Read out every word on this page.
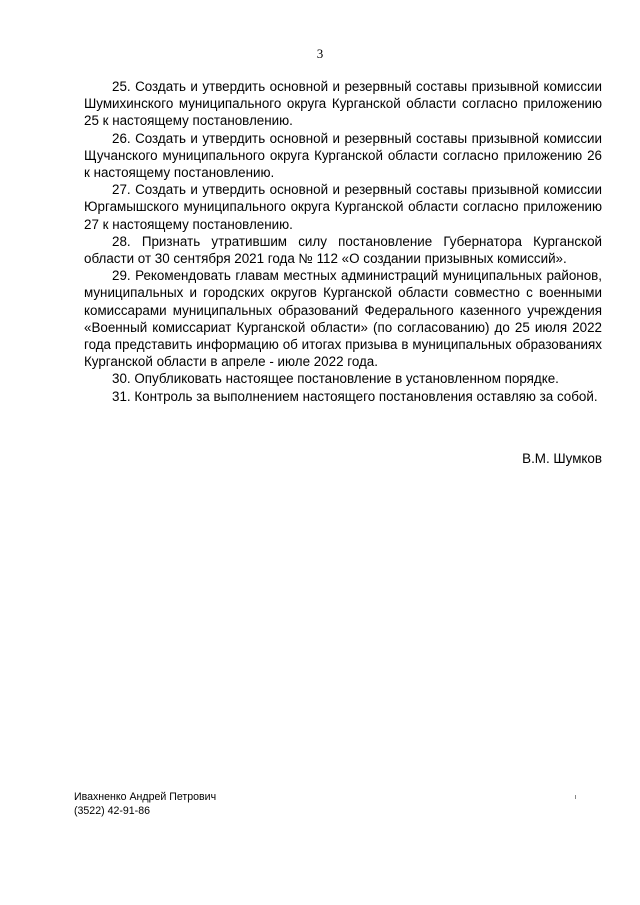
3

25. Создать и утвердить основной и резервный составы призывной комиссии Шумихинского муниципального округа Курганской области согласно приложению 25 к настоящему постановлению.

26. Создать и утвердить основной и резервный составы призывной комиссии Щучанского муниципального округа Курганской области согласно приложению 26 к настоящему постановлению.

27. Создать и утвердить основной и резервный составы призывной комиссии Юргамышского муниципального округа Курганской области согласно приложению 27 к настоящему постановлению.

28. Признать утратившим силу постановление Губернатора Курганской области от 30 сентября 2021 года № 112 «О создании призывных комиссий».

29. Рекомендовать главам местных администраций муниципальных районов, муниципальных и городских округов Курганской области совместно с военными комиссарами муниципальных образований Федерального казенного учреждения «Военный комиссариат Курганской области» (по согласованию) до 25 июля 2022 года представить информацию об итогах призыва в муниципальных образованиях Курганской области в апреле - июле 2022 года.

30. Опубликовать настоящее постановление в установленном порядке.

31. Контроль за выполнением настоящего постановления оставляю за собой.

В.М. Шумков
Ивахненко Андрей Петрович
(3522) 42-91-86
